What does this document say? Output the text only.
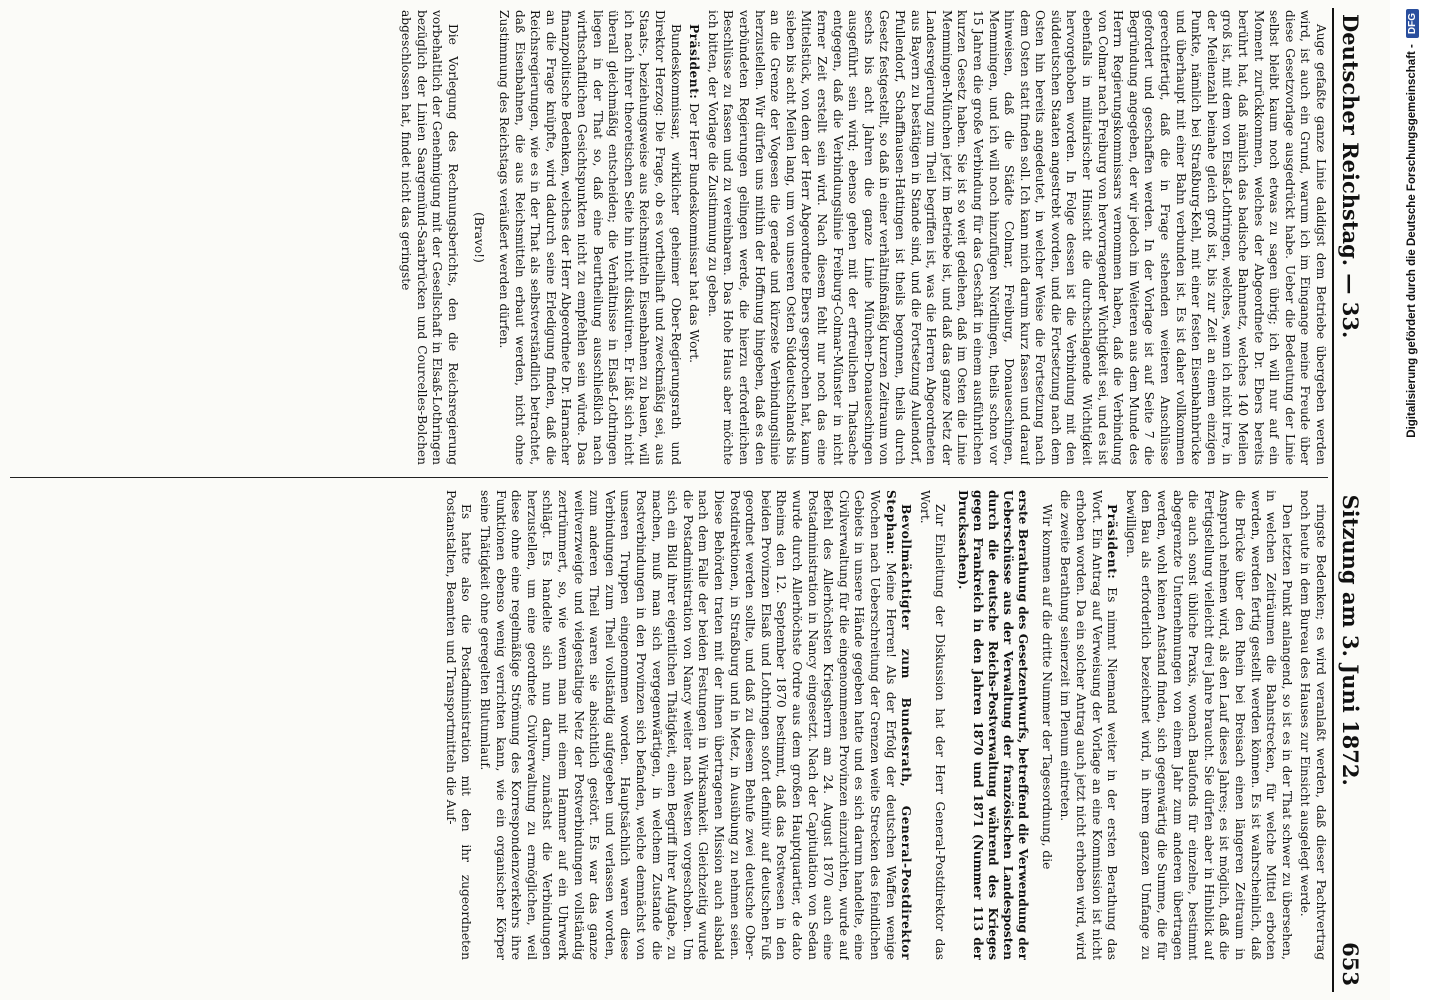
Deutscher Reichstag. — 33.
Sitzung am 3. Juni 1872.
653

Auge gefaßte ganze Linie daldigst dem Betriebe übergeben werden wird, ist auch ein Grund, warum ich im Eingange meine Freude über diese Gesetzvorlage ausgedrückt habe. Ueber die Bedeutung der Linie selbst bleibt kaum noch etwas zu sagen übrig; ich will nur auf ein Moment zurückkommen, welches der Abgeordnete Dr. Ebers bereits berührt hat, daß nämlich das badische Bahnnetz, welches 140 Meilen groß ist, mit dem von Elsaß-Lothringen, welches, wenn ich nicht irre, in der Meilenzahl beinahe gleich groß ist, bis zur Zeit an einem einzigen Punkte, nämlich bei Straßburg-Kehl, mit einer festen Eisenbahnbrücke und überhaupt mit einer Bahn verbunden ist. Es ist daher vollkommen gerechtfertigt, daß die in Frage stehenden weiteren Anschlüsse gefordert und geschaffen werden. In der Vorlage ist auf Seite 7 die Begründung angegeben, der wir jedoch im Weiteren aus dem Munde des Herrn Regierungskommissars vernommen haben, daß die Verbindung von Colmar nach Freiburg von hervorragender Wichtigkeit sei, und es ist ebenfalls in militairischer Hinsicht die durchschlagende Wichtigkeit hervorgehoben worden. In Folge dessen ist die Verbindung mit den süddeutschen Staaten angestrebt worden, und die Fortsetzung nach dem Osten hin bereits angedeutet, in welcher Weise die Fortsetzung nach dem Osten statt finden soll. Ich kann mich darum kurz fassen und darauf hinweisen, daß die Städte Colmar, Freiburg, Donaueschingen, Memmingen, und ich will noch hinzufügen Nördlingen, theils schon vor 15 Jahren die große Verbindung für das Geschäft in einem ausführlichen kurzen Gesetz haben. Sie ist so weit gediehen, daß im Osten die Linie Memmingen-München jetzt im Betriebe ist, und daß das ganze Netz der Landesregierung zum Theil begriffen ist, was die Herren Abgeordneten aus Bayern zu bestätigen in Stande sind, und die Fortsetzung Aulendorf, Pfullendorf, Schaffhausen-Hattingen ist theils begonnen, theils durch Gesetz festgestellt, so daß in einer verhältnißmäßig kurzen Zeitraum von sechs bis acht Jahren die ganze Linie München-Donaueschingen ausgeführt sein wird; ebenso gehen mit der erfreulichen Thatsache entgegen, daß die Verbindungslinie Freiburg-Colmar-Münster in nicht ferner Zeit erstellt sein wird. Nach diesem fehlt nur noch das eine Mittelstück, von dem der Herr Abgeordnete Ebers gesprochen hat, kaum sieben bis acht Meilen lang, um von unseren Osten Süddeutschlands bis an die Grenze der Vogesen die gerade und kürzeste Verbindungslinie herzustellen. Wir dürfen uns mithin der Hoffnung hingeben, daß es den verbündeten Regierungen gelingen werde, die hierzu erforderlichen Beschlüsse zu fassen und zu vereinbaren. Das Hohe Haus aber möchte ich bitten, der Vorlage die Zustimmung zu geben.

Präsident: Der Herr Bundeskommissar hat das Wort.

Bundeskommissar, wirklicher geheimer Ober-Regierungsrath und Direktor Herzog: Die Frage, ob es vortheilhaft und zweckmäßig sei, aus Staats-, beziehungsweise aus Reichsmitteln Eisenbahnen zu bauen, will ich nach ihrer theoretischen Seite hin nicht diskutiren. Er läßt sich nicht überall gleichmäßig entscheiden; die Verhältnisse in Elsaß-Lothringen liegen in der That so, daß eine Beurtheilung ausschließlich nach wirthschaftlichen Gesichtspunkten nicht zu empfehlen sein würde. Das finanzpolitische Bedenken, welches der Herr Abgeordnete Dr. Harnacher an die Frage knüpfte, wird dadurch seine Erledigung finden, daß die Reichsregierungen, wie es in der That als selbstverständlich betrachtet, daß Eisenbahnen, die aus Reichsmitteln erbaut werden, nicht ohne Zustimmung des Reichstags veräußert werden dürfen.

(Bravo!)

Die Vorlegung des Rechnungsberichts, den die Reichsregierung vorbehaltlich der Genehmigung mit der Gesellschaft in Elsaß-Lothringen bezüglich der Linien Saargemünd-Saarbrücken und Courcelles-Bolchen abgeschlossen hat, findet nicht das geringste

ringste Bedenken; es wird veranlaßt werden, daß dieser Pachtvertrag noch heute in dem Bureau des Hauses zur Einsicht ausgelegt werde.

Den letzten Punkt anlangend, so ist es in der That schwer zu übersehen, in welchen Zeiträumen die Bahnstrecken, für welche Mittel erboten werden, werden fertig gestellt werden können. Es ist wahrscheinlich, daß die Brücke über den Rhein bei Breisach einen längeren Zeitraum in Anspruch nehmen wird, als den Lauf dieses Jahres; es ist möglich, daß die Fertigstellung vielleicht drei Jahre braucht. Sie dürfen aber in Hinblick auf die auch sonst übliche Praxis, wonach Baufonds für einzelne, bestimmt abgegrenzte Unternehmungen von einem Jahr zum anderen übertragen werden, wohl keinen Anstand finden, sich gegenwärtig die Summe, die für den Bau als erforderlich bezeichnet wird, in ihrem ganzen Umfange zu bewilligen.

Präsident: Es nimmt Niemand weiter in der ersten Berathung das Wort. Ein Antrag auf Verweisung der Vorlage an eine Kommission ist nicht erhoben worden. Da ein solcher Antrag auch jetzt nicht erhoben wird, wird die zweite Berathung seinerzeit im Plenum eintreten.

Wir kommen auf die dritte Nummer der Tagesordnung, die

erste Berathung des Gesetzentwurfs, betreffend die Verwendung der Ueberschüsse aus der Verwaltung der französischen Landesposten durch die deutsche Reichs-Postverwaltung während des Krieges gegen Frankreich in den Jahren 1870 und 1871 (Nummer 113 der Drucksachen).

Zur Einleitung der Diskussion hat der Herr General-Postdirektor das Wort.

Bevollmächtigter zum Bundesrath, General-Postdirektor Stephan: Meine Herren! Als der Erfolg der deutschen Waffen wenige Wochen nach Ueberschreitung der Grenzen weite Strecken des feindlichen Gebiets in unsere Hände gegeben hatte und es sich darum handelte, eine Civilverwaltung für die eingenommenen Provinzen einzurichten, wurde auf Befehl des Allerhöchsten Kriegsherrn am 24. August 1870 auch eine Postadministration in Nancy eingesetzt. Nach der Capitulation von Sedan wurde durch Allerhöchste Ordre aus dem großen Hauptquartier, de dato Rheims den 12. September 1870 bestimmt, daß das Postwesen in den beiden Provinzen Elsaß und Lothringen sofort definitiv auf deutschen Fuß geordnet werden sollte, und daß zu diesem Behufe zwei deutsche Ober-Postdirektionen, in Straßburg und in Metz, in Ausübung zu nehmen seien. Diese Behörden traten mit der ihnen übertragenen Mission auch alsbald nach dem Falle der beiden Festungen in Wirksamkeit. Gleichzeitig wurde die Postadministration von Nancy weiter nach Westen vorgeschoben. Um sich ein Bild ihrer eigentlichen Thätigkeit, einen Begriff ihrer Aufgabe, zu machen, muß man sich vergegenwärtigen, in welchem Zustande die Postverbindungen in den Provinzen sich befanden, welche demnächst von unseren Truppen eingenommen worden. Hauptsächlich waren diese Verbindungen zum Theil vollständig aufgegeben und verlassen worden, zum anderen Theil waren sie absichtlich gestört. Es war das ganze weitverzweigte und vielgestaltige Netz der Postverbindungen vollständig zertrümmert, so, wie wenn man mit einem Hammer auf ein Uhrwerk schlägt. Es handelte sich nun darum, zunächst die Verbindungen herzustellen, um eine geordnete Civilverwaltung zu ermöglichen, weil diese ohne eine regelmäßige Strömung des Korrespondenzverkehrs ihre Funktionen ebenso wenig verrichten kann, wie ein organischer Körper seine Thätigkeit ohne geregelten Blutumlauf.

Es hatte also die Postadministration mit den ihr zugeordneten Postanstalten, Beamten und Transportmitteln die Auf-

Digitalisierung gefördert durch die Deutsche Forschungsgemeinschaft -
DFG
